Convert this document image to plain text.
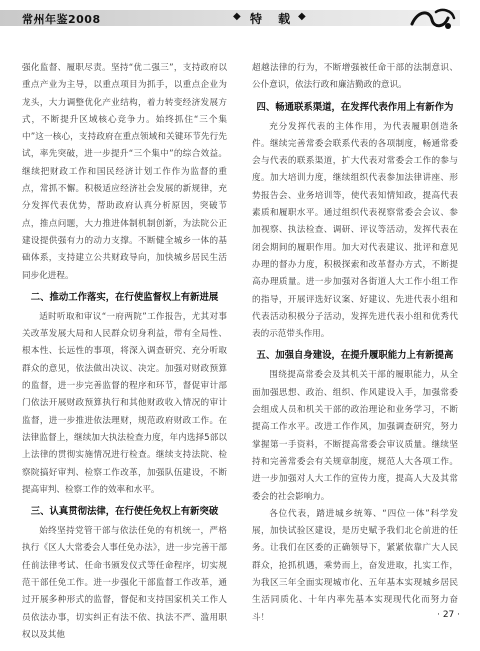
常州年鉴2008	◆ 特 载 ◆

强化监督、履职尽责。坚持“优二强三”，支持政府以重点产业为主导，以重点项目为抓手，以重点企业为龙头，大力调整优化产业结构，着力转变经济发展方式，不断提升区域核心竞争力。始终抓住“三个集中”这一核心，支持政府在重点领域和关键环节先行先试，率先突破，进一步提升“三个集中”的综合效益。继续把财政工作和国民经济计划工作作为监督的重点，常抓不懈。积极适应经济社会发展的新规律，充分发挥代表优势，帮助政府认真分析原因，突破节点，推点问题，大力推进体制机制创新，为法院公正建设提供强有力的动力支撑。不断健全城乡一体的基础体系，支持建立公共财政导向，加快城乡居民生活同步化进程。

二、推动工作落实，在行使监督权上有新进展

适时听取和审议“一府两院”工作报告，尤其对事关改革发展大局和人民群众切身利益，带有全局性、根本性、长远性的事项，将深入调查研究、充分听取群众的意见，依法做出决议、决定。加强对财政预算的监督，进一步完善监督的程序和环节，督促审计部门依法开展财政预算执行和其他财政收入情况的审计监督，进一步推进依法理财，规范政府财政工作。在法律监督上，继续加大执法检查力度，年内选择5部以上法律的贯彻实施情况进行检查。继续支持法院、检察院搞好审判、检察工作改革，加强队伍建设，不断提高审判、检察工作的效率和水平。

三、认真贯彻法律，在行使任免权上有新突破

始终坚持党管干部与依法任免的有机统一，严格执行《区人大常委会人事任免办法》，进一步完善干部任前法律考试、任命书颁发仪式等任命程序，切实规范干部任免工作。进一步强化干部监督工作改革，通过开展多种形式的监督，督促和支持国家机关工作人员依法办事，切实纠正有法不依、执法不严、滥用职权以及其他

超越法律的行为，不断增强被任命干部的法制意识、公仆意识，依法行政和廉洁勤政的意识。

四、畅通联系渠道，在发挥代表作用上有新作为

充分发挥代表的主体作用，为代表履职创造条件。继续完善常委会联系代表的各项制度，畅通常委会与代表的联系渠道，扩大代表对常委会工作的参与度。加大培训力度，继续组织代表参加法律讲座、形势报告会、业务培训等，使代表知情知政，提高代表素质和履职水平。通过组织代表视察常委会会议、参加视察、执法检查、调研、评议等活动，发挥代表在闭会期间的履职作用。加大对代表建议、批评和意见办理的督办力度，积极探索和改革督办方式，不断提高办理质量。进一步加强对各街道人大工作小组工作的指导，开展评选好议案、好建议、先进代表小组和代表活动积极分子活动，发挥先进代表小组和优秀代表的示范带头作用。

五、加强自身建设，在提升履职能力上有新提高

围绕提高常委会及其机关干部的履职能力，从全面加强思想、政治、组织、作风建设入手，加强常委会组成人员和机关干部的政治理论和业务学习，不断提高工作水平。改进工作作风，加强调查研究，努力掌握第一手资料，不断提高常委会审议质量。继续坚持和完善常委会有关规章制度，规范人大各项工作。进一步加强对人大工作的宣传力度，提高人大及其常委会的社会影响力。

各位代表，踏进城乡统筹、“四位一体”科学发展，加快试验区建设，是历史赋予我们北仑前进的任务。让我们在区委的正确领导下，紧紧依靠广大人民群众，抢抓机遇，乘势而上，奋发进取，扎实工作，为我区三年全面实现城市化、五年基本实现城乡居民生活同质化、十年内率先基本实现现代化而努力奋斗！	· 27 ·
